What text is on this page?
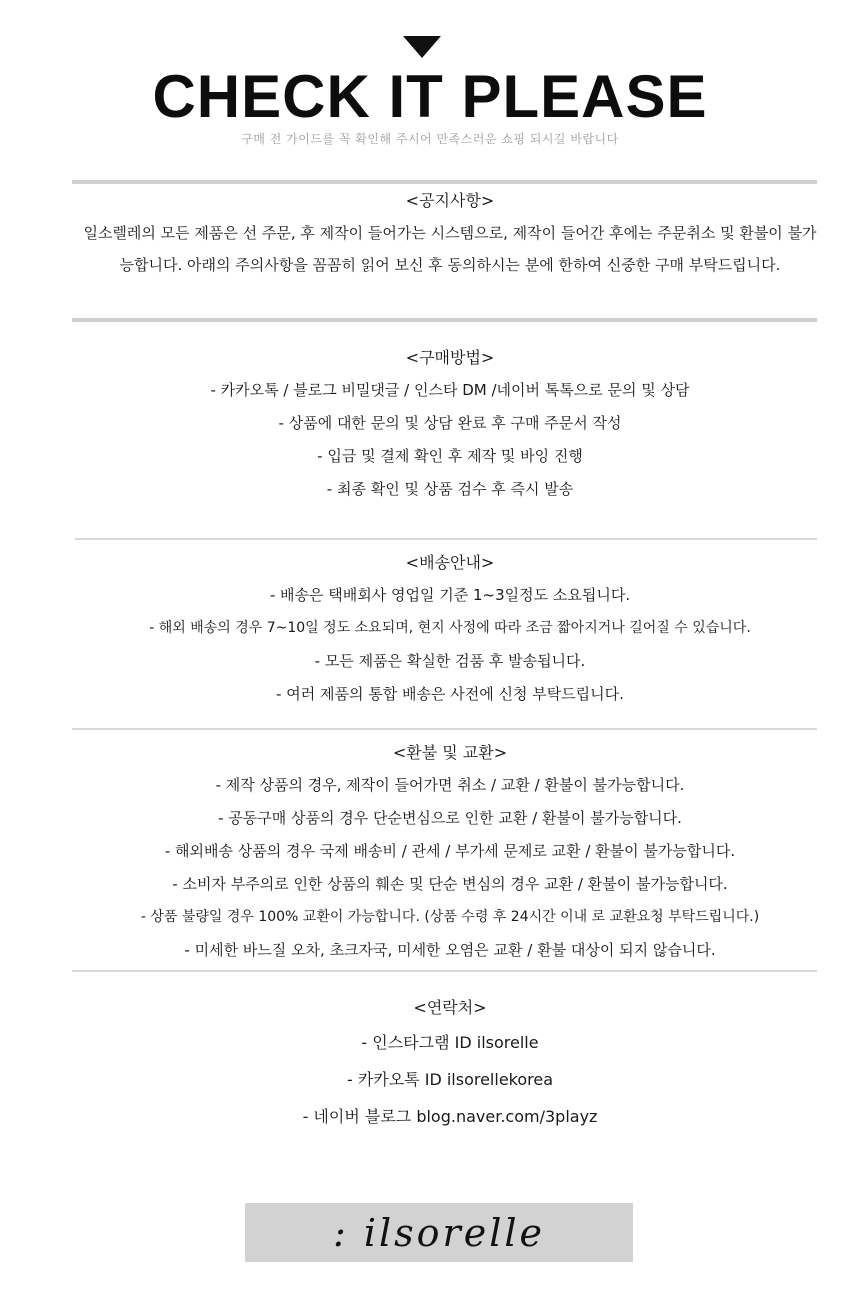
CHECK IT PLEASE
구매 전 가이드를 꼭 확인해 주시어 만족스러운 쇼핑 되시길 바랍니다
<공지사항>
일소렐레의 모든 제품은 선 주문, 후 제작이 들어가는 시스템으로, 제작이 들어간 후에는 주문취소 및 환불이 불가능합니다. 아래의 주의사항을 꼼꼼히 읽어 보신 후 동의하시는 분에 한하여 신중한 구매 부탁드립니다.
<구매방법>
- 카카오톡 / 블로그 비밀댓글 / 인스타 DM /네이버 톡톡으로 문의 및 상담
- 상품에 대한 문의 및 상담 완료 후 구매 주문서 작성
- 입금 및 결제 확인 후 제작 및 바잉 진행
- 최종 확인 및 상품 검수 후 즉시 발송
<배송안내>
- 배송은 택배회사 영업일 기준 1~3일정도 소요됩니다.
- 해외 배송의 경우 7~10일 정도 소요되며, 현지 사정에 따라 조금 짧아지거나 길어질 수 있습니다.
- 모든 제품은 확실한 검품 후 발송됩니다.
- 여러 제품의 통합 배송은 사전에 신청 부탁드립니다.
<환불 및 교환>
- 제작 상품의 경우, 제작이 들어가면 취소 / 교환 / 환불이 불가능합니다.
- 공동구매 상품의 경우 단순변심으로 인한 교환 / 환불이 불가능합니다.
- 해외배송 상품의 경우 국제 배송비 / 관세 / 부가세 문제로 교환 / 환불이 불가능합니다.
- 소비자 부주의로 인한 상품의 훼손 및 단순 변심의 경우 교환 / 환불이 불가능합니다.
- 상품 불량일 경우 100% 교환이 가능합니다. (상품 수령 후 24시간 이내 로 교환요청 부탁드립니다.)
- 미세한 바느질 오차, 초크자국, 미세한 오염은 교환 / 환불 대상이 되지 않습니다.
<연락처>
- 인스타그램 ID ilsorelle
- 카카오톡 ID ilsorellekorea
- 네이버 블로그 blog.naver.com/3playz
: ilsorelle
